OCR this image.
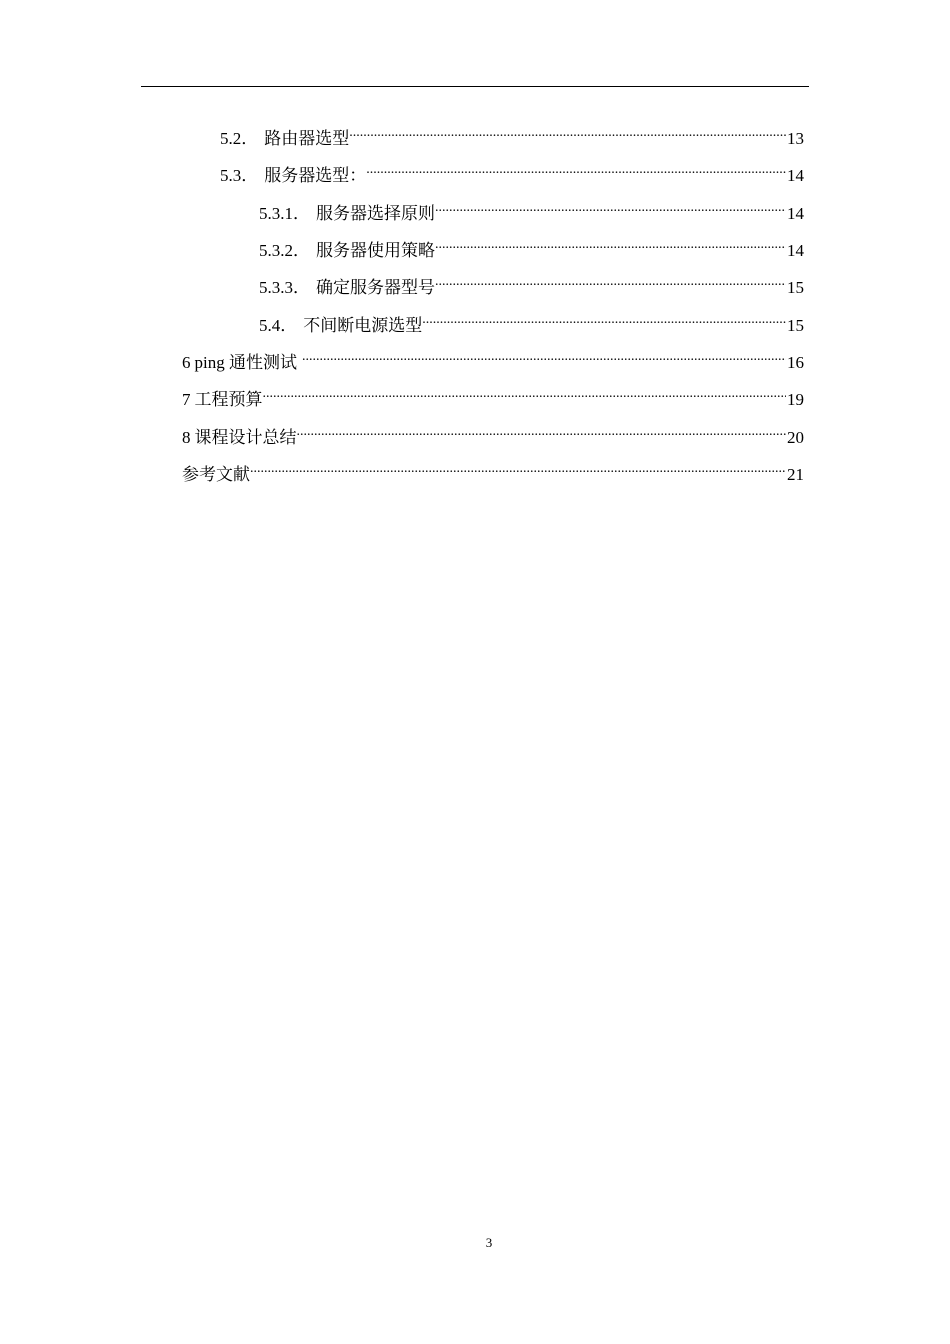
5.2． 路由器选型 .....	13
5.3． 服务器选型： .....	14
5.3.1． 服务器选择原则 .....	14
5.3.2． 服务器使用策略 .....	14
5.3.3． 确定服务器型号 .....	15
5.4． 不间断电源选型 .....	15
6 ping 通性测试 .....	16
7 工程预算 .....	19
8 课程设计总结 .....	20
参考文献 .....	21
3
